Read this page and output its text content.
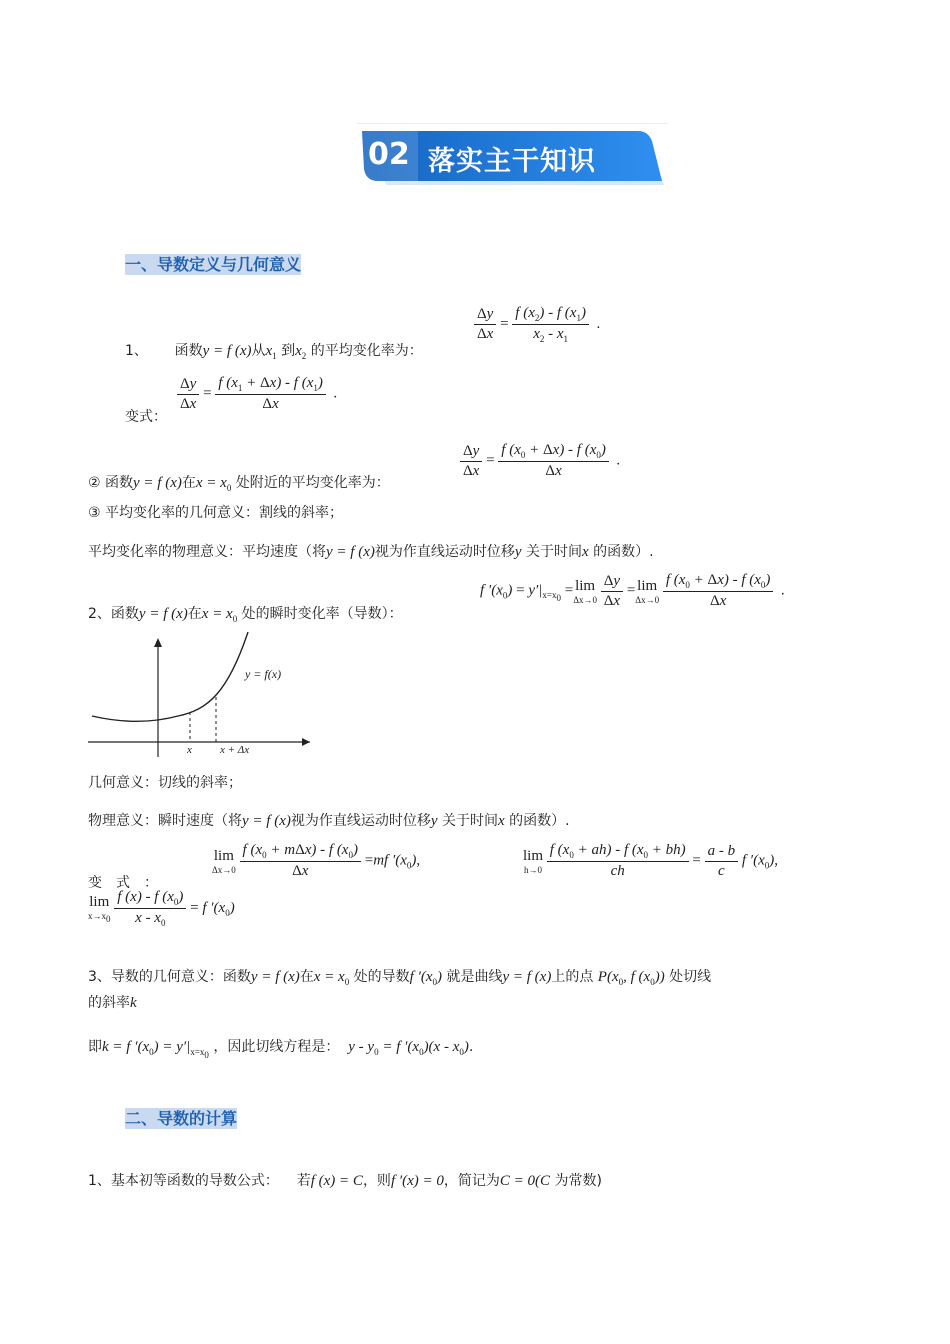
02 落实主干知识
一、导数定义与几何意义
1、 函数y = f (x)从$x_1$ 到$x_2$ 的平均变化率为：
$\frac{\Delta y}{\Delta x} = \frac{f (x_2) - f (x_1)}{x_2 - x_1}$ .
变式：
$\frac{\Delta y}{\Delta x} = \frac{f (x_1 + \Delta x) - f (x_1)}{\Delta x}$ .
② 函数y = f (x)在$x = x_0$ 处附近的平均变化率为：
$\frac{\Delta y}{\Delta x} = \frac{f (x_0 + \Delta x) - f (x_0)}{\Delta x}$ .
③ 平均变化率的几何意义：割线的斜率；
平均变化率的物理意义：平均速度（将y = f (x)视为作直线运动时位移y 关于时间x 的函数）.
2、函数y = f (x)在$x = x_0$ 处的瞬时变化率（导数）：
f $'(x_0) = y'|_{x=x_0} = \lim$
Δx→0
$\frac{\Delta y}{\Delta x} = \lim$
Δx→0
$\frac{f (x_0 + \Delta x) - f (x_0)}{\Delta x}$ .
y = f(x)
x	x + Δx
几何意义：切线的斜率；
物理意义：瞬时速度（将y = f (x)视为作直线运动时位移y 关于时间x 的函数）.
变　式　：
lim
Δx→0
$\frac{f (x_0 + m\Delta x) - f (x_0)}{\Delta x} =mf$ $'(x_0)$,	lim
h→0
$\frac{f (x_0 + ah) - f (x_0 + bh)}{ch} = \frac{a - b}{c}$ f $'(x_0)$,
lim
$x\to x_0$
$\frac{f (x) - f (x_0)}{x - x_0} = f$ $'(x_0)$
3、导数的几何意义：函数y = f (x)在$x = x_0$ 处的导数f $'(x_0)$ 就是曲线y = f (x)上的点 $P(x_0$, f $(x_0)$) 处切线
的斜率k
即k = f $'(x_0) = y'|_{x=x_0}$ ，因此切线方程是： $y - y_0 = f$ $'(x_0)(x - x_0)$.
二、导数的计算
1、基本初等函数的导数公式： 若f (x) = C，则f ′(x) = 0，简记为C = 0(C 为常数)
